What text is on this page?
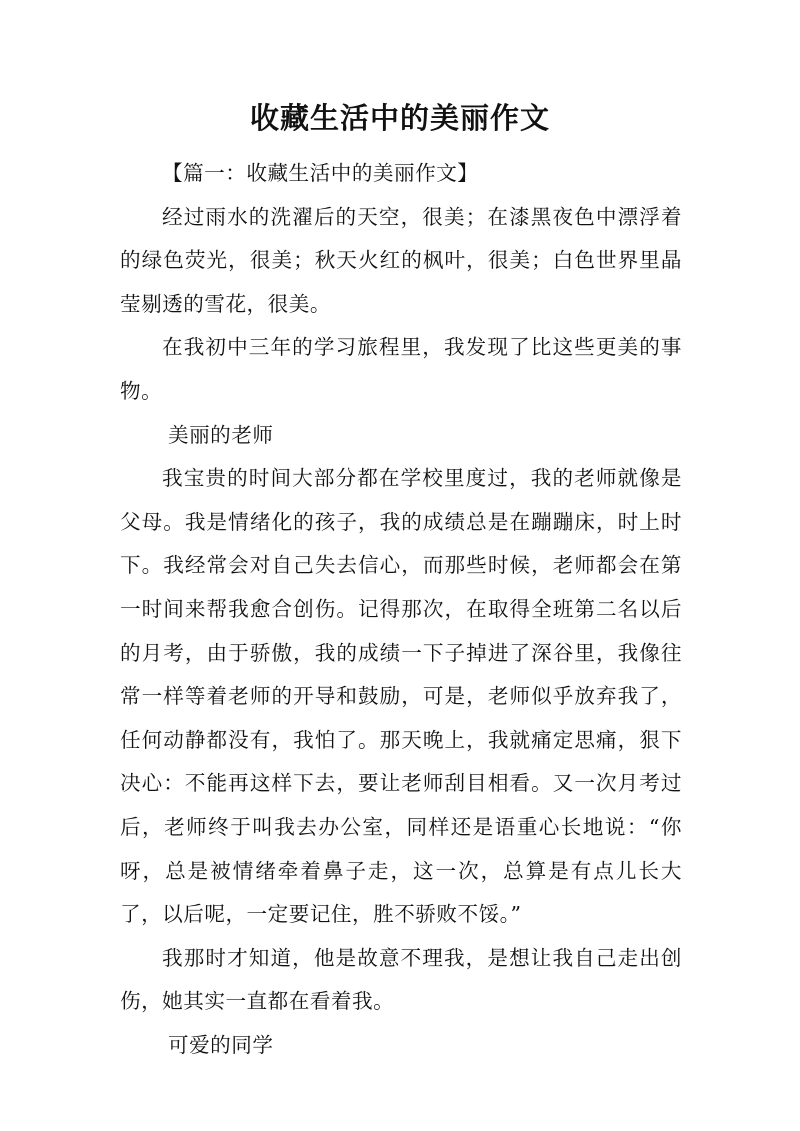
收藏生活中的美丽作文

【篇一：收藏生活中的美丽作文】

经过雨水的洗濯后的天空，很美；在漆黑夜色中漂浮着的绿色荧光，很美；秋天火红的枫叶，很美；白色世界里晶莹剔透的雪花，很美。

在我初中三年的学习旅程里，我发现了比这些更美的事物。

美丽的老师

我宝贵的时间大部分都在学校里度过，我的老师就像是父母。我是情绪化的孩子，我的成绩总是在蹦蹦床，时上时下。我经常会对自己失去信心，而那些时候，老师都会在第一时间来帮我愈合创伤。记得那次，在取得全班第二名以后的月考，由于骄傲，我的成绩一下子掉进了深谷里，我像往常一样等着老师的开导和鼓励，可是，老师似乎放弃我了，任何动静都没有，我怕了。那天晚上，我就痛定思痛，狠下决心：不能再这样下去，要让老师刮目相看。又一次月考过后，老师终于叫我去办公室，同样还是语重心长地说：“你呀，总是被情绪牵着鼻子走，这一次，总算是有点儿长大了，以后呢，一定要记住，胜不骄败不馁。”

我那时才知道，他是故意不理我，是想让我自己走出创伤，她其实一直都在看着我。

可爱的同学
